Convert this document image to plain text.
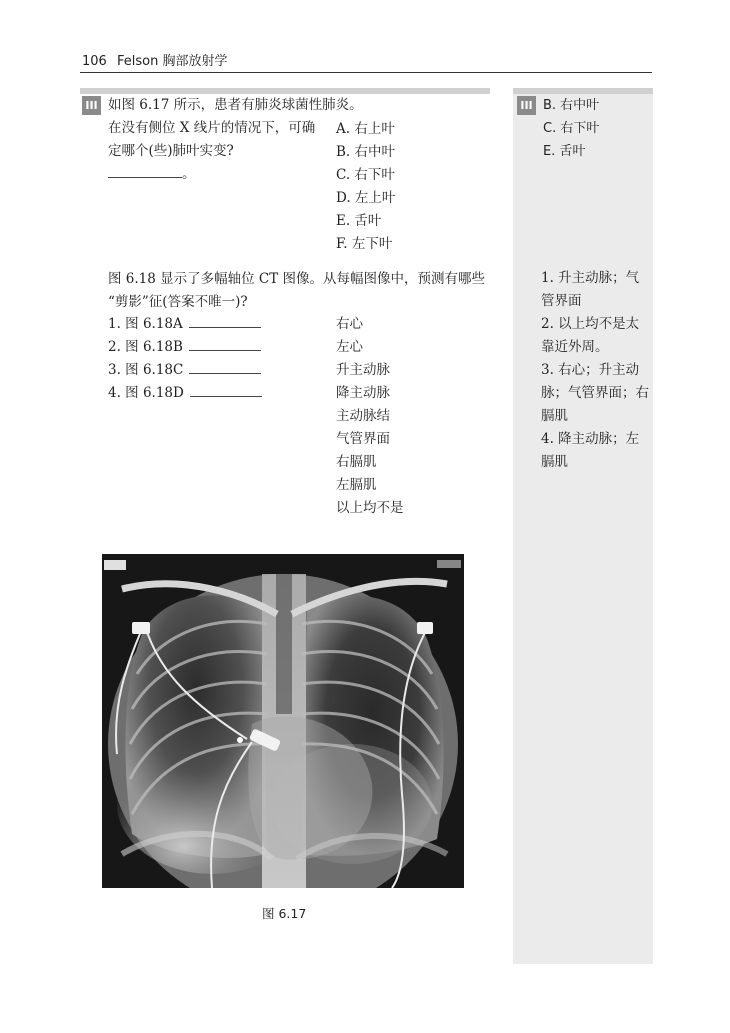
106 Felson 胸部放射学
III	III
如图 6.17 所示，患者有肺炎球菌性肺炎。
在没有侧位 X 线片的情况下，可确
定哪个(些)肺叶实变?
。
A. 右上叶
B. 右中叶
C. 右下叶
D. 左上叶
E. 舌叶
F. 左下叶
B. 右中叶
C. 右下叶
E. 舌叶
图 6.18 显示了多幅轴位 CT 图像。从每幅图像中，预测有哪些
“剪影”征(答案不唯一)?
1. 图 6.18A
2. 图 6.18B
3. 图 6.18C
4. 图 6.18D
右心
左心
升主动脉
降主动脉
主动脉结
气管界面
右膈肌
左膈肌
以上均不是

1. 升主动脉；气管界面

2. 以上均不是太靠近外周。

3. 右心；升主动脉；气管界面；右膈肌

4. 降主动脉；左膈肌

图 6.17
